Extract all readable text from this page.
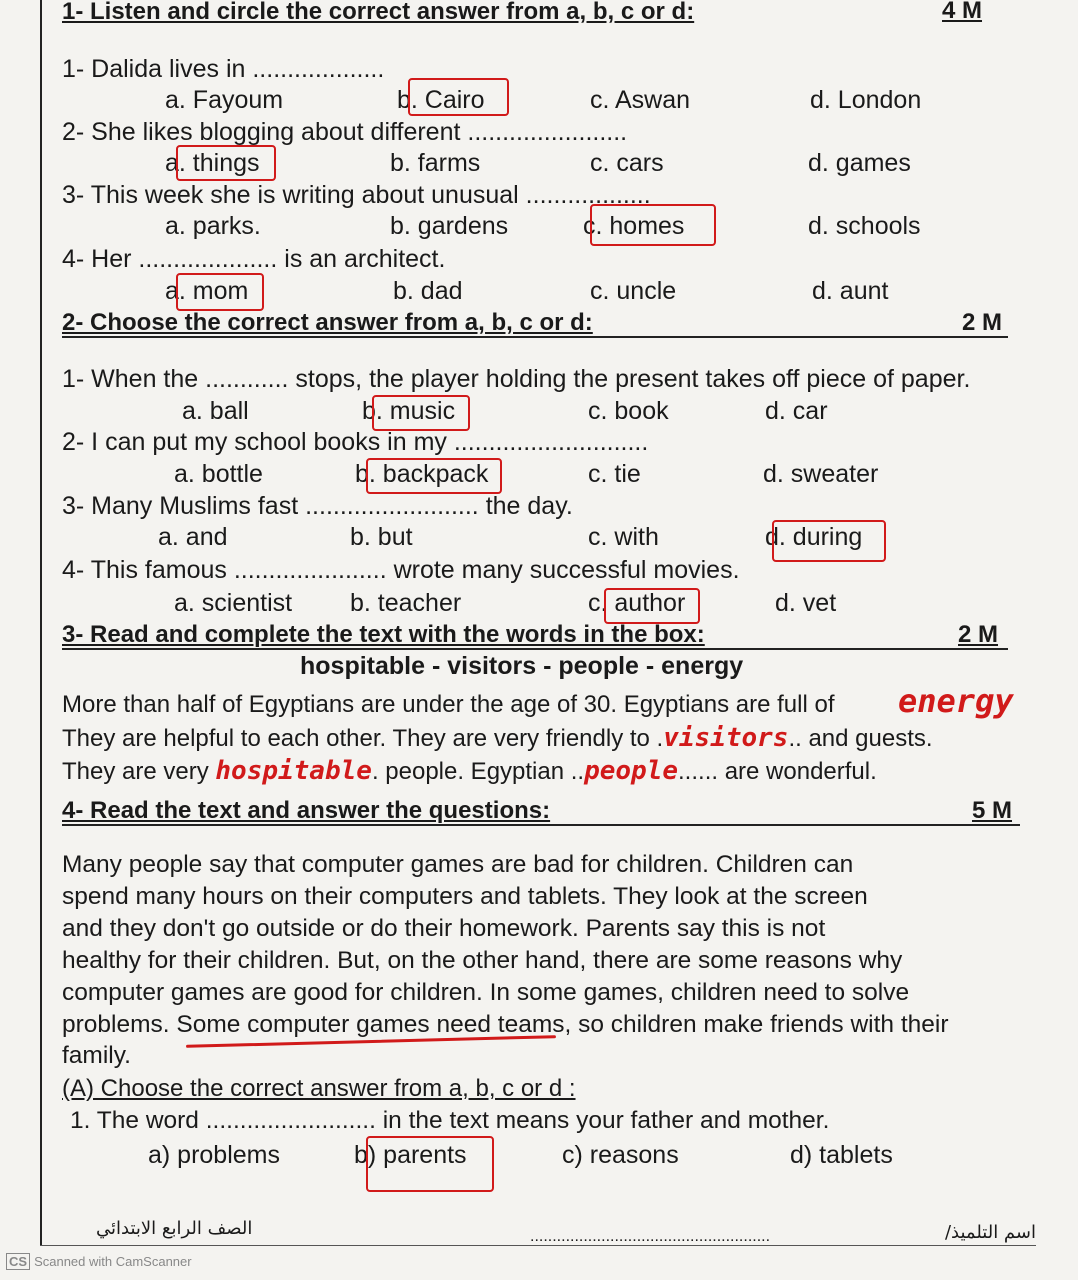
1- Listen and circle the correct answer from a, b, c or d:	4 M
1- Dalida lives in ...................
a. Fayoum	b. Cairo	c. Aswan	d. London
2- She likes blogging about different .......................
a. things	b. farms	c. cars	d. games
3- This week she is writing about unusual ..................
a. parks.	b. gardens	c. homes	d. schools
4- Her .................... is an architect.
a. mom	b. dad	c. uncle	d. aunt
2- Choose the correct answer from a, b, c or d:	2 M
1- When the ............ stops, the player holding the present takes off piece of paper.
a. ball	b. music	c. book	d. car
2- I can put my school books in my ............................
a. bottle	b. backpack	c. tie	d. sweater
3- Many Muslims fast ......................... the day.
a. and	b. but	c. with	d. during
4- This famous ...................... wrote many successful movies.
a. scientist b. teacher	c. author	d. vet
3- Read and complete the text with the words in the box:	2 M
hospitable - visitors - people - energy
More than half of Egyptians are under the age of 30. Egyptians are full of energy
They are helpful to each other. They are very friendly to .visitors.. and guests.
They are very hospitable. people. Egyptian ..people...... are wonderful.
4- Read the text and answer the questions:	5 M
Many people say that computer games are bad for children. Children can
spend many hours on their computers and tablets. They look at the screen
and they don't go outside or do their homework. Parents say this is not
healthy for their children. But, on the other hand, there are some reasons why
computer games are good for children. In some games, children need to solve
problems. Some computer games need teams, so children make friends with their
family.
(A) Choose the correct answer from a, b, c or d :
1. The word ......................... in the text means your father and mother.
a) problems	b) parents	c) reasons	d) tablets
اسم التلميذ/
......................................................
الصف الرابع الابتدائي
CS Scanned with CamScanner
